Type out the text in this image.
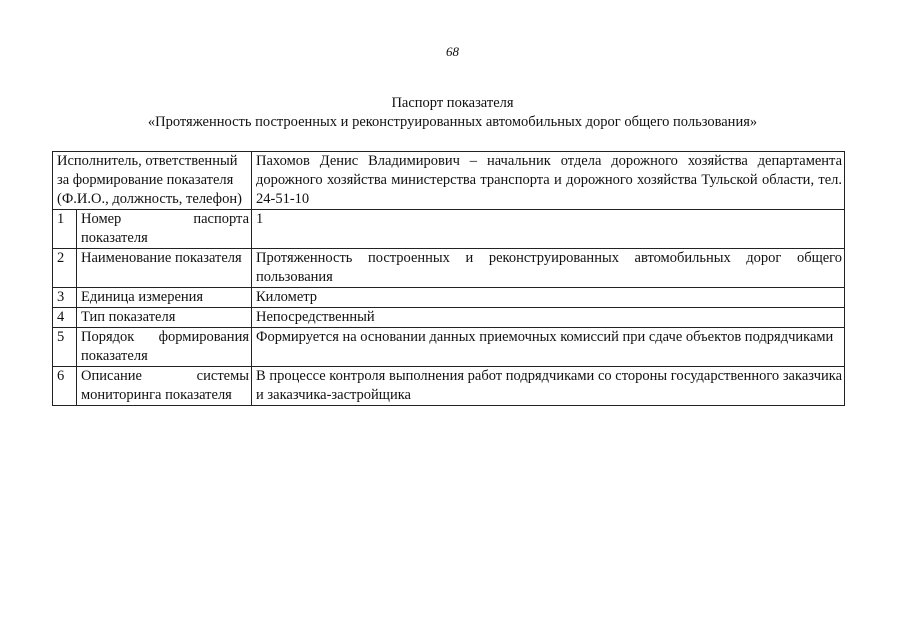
68
Паспорт показателя
«Протяженность построенных и реконструированных автомобильных дорог общего пользования»
Исполнитель, ответственный за формирование показателя (Ф.И.О., должность, телефон)		Пахомов Денис Владимирович – начальник отдела дорожного хозяйства департамента дорожного хозяйства министерства транспорта и дорожного хозяйства Тульской области, тел. 24-51-10
1	Номер паспорта показателя	1
2	Наименование показателя	Протяженность построенных и реконструированных автомобильных дорог общего пользования
3	Единица измерения	Километр
4	Тип показателя	Непосредственный
5	Порядок формирования показателя	Формируется на основании данных приемочных комиссий при сдаче объектов подрядчиками
6	Описание системы мониторинга показателя	В процессе контроля выполнения работ подрядчиками со стороны государственного заказчика и заказчика-застройщика
